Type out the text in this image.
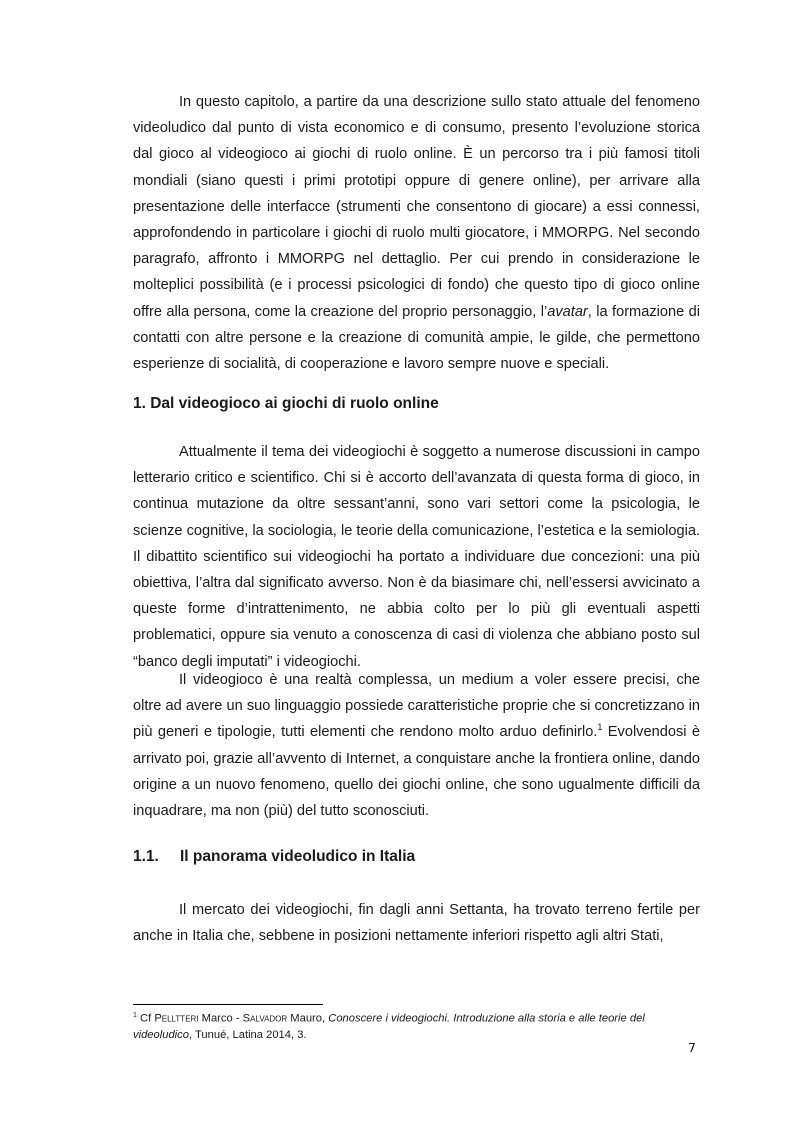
In questo capitolo, a partire da una descrizione sullo stato attuale del fenomeno videoludico dal punto di vista economico e di consumo, presento l’evoluzione storica dal gioco al videogioco ai giochi di ruolo online. È un percorso tra i più famosi titoli mondiali (siano questi i primi prototipi oppure di genere online), per arrivare alla presentazione delle interfacce (strumenti che consentono di giocare) a essi connessi, approfondendo in particolare i giochi di ruolo multi giocatore, i MMORPG. Nel secondo paragrafo, affronto i MMORPG nel dettaglio. Per cui prendo in considerazione le molteplici possibilità (e i processi psicologici di fondo) che questo tipo di gioco online offre alla persona, come la creazione del proprio personaggio, l’avatar, la formazione di contatti con altre persone e la creazione di comunità ampie, le gilde, che permettono esperienze di socialità, di cooperazione e lavoro sempre nuove e speciali.

1. Dal videogioco ai giochi di ruolo online

Attualmente il tema dei videogiochi è soggetto a numerose discussioni in campo letterario critico e scientifico. Chi si è accorto dell’avanzata di questa forma di gioco, in continua mutazione da oltre sessant’anni, sono vari settori come la psicologia, le scienze cognitive, la sociologia, le teorie della comunicazione, l’estetica e la semiologia. Il dibattito scientifico sui videogiochi ha portato a individuare due concezioni: una più obiettiva, l’altra dal significato avverso. Non è da biasimare chi, nell’essersi avvicinato a queste forme d’intrattenimento, ne abbia colto per lo più gli eventuali aspetti problematici, oppure sia venuto a conoscenza di casi di violenza che abbiano posto sul “banco degli imputati” i videogiochi.

Il videogioco è una realtà complessa, un medium a voler essere precisi, che oltre ad avere un suo linguaggio possiede caratteristiche proprie che si concretizzano in più generi e tipologie, tutti elementi che rendono molto arduo definirlo.$^1$ Evolvendosi è arrivato poi, grazie all’avvento di Internet, a conquistare anche la frontiera online, dando origine a un nuovo fenomeno, quello dei giochi online, che sono ugualmente difficili da inquadrare, ma non (più) del tutto sconosciuti.

1.1. Il panorama videoludico in Italia

Il mercato dei videogiochi, fin dagli anni Settanta, ha trovato terreno fertile per anche in Italia che, sebbene in posizioni nettamente inferiori rispetto agli altri Stati,

$^1$ Cf Pelltteri Marco - Salvador Mauro, Conoscere i videogiochi. Introduzione alla storia e alle teorie del videoludico, Tunué, Latina 2014, 3.

7
